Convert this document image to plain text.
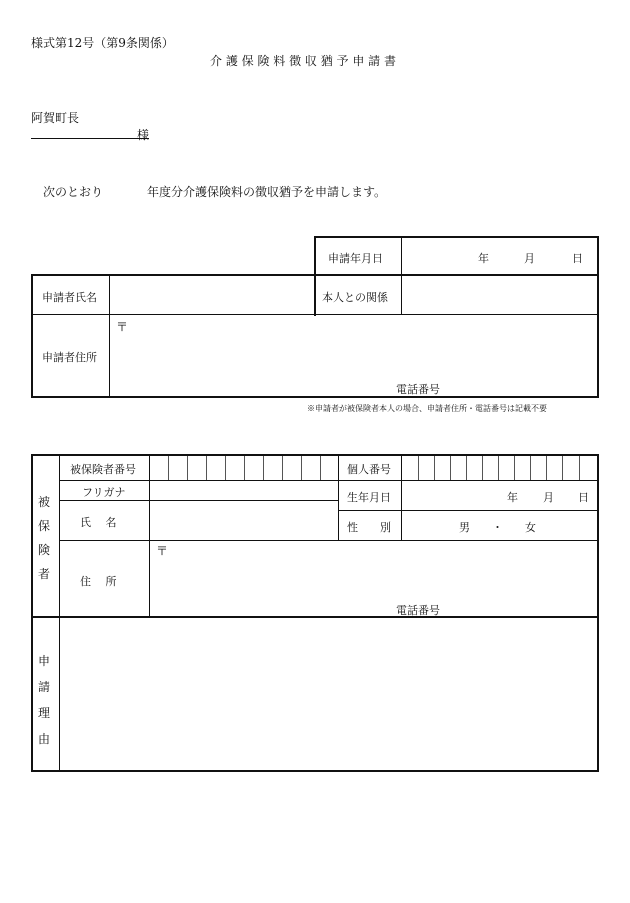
様式第12号（第9条関係）
介 護 保 険 料 徴 収 猶 予 申 請 書
阿賀町長
様
次のとおり	年度分介護保険料の徴収猶予を申請します。
申請年月日	年	月	日
申請者氏名	本人との関係
申請者住所
〒
電話番号
※申請者が被保険者本人の場合、申請者住所・電話番号は記載不要
被
保
険
者
被保険者番号	個人番号
フリガナ	生年月日	年 月 日
氏　 名	性　　別	男　　・　　女
住　 所
〒
電話番号
申
請
理
由
